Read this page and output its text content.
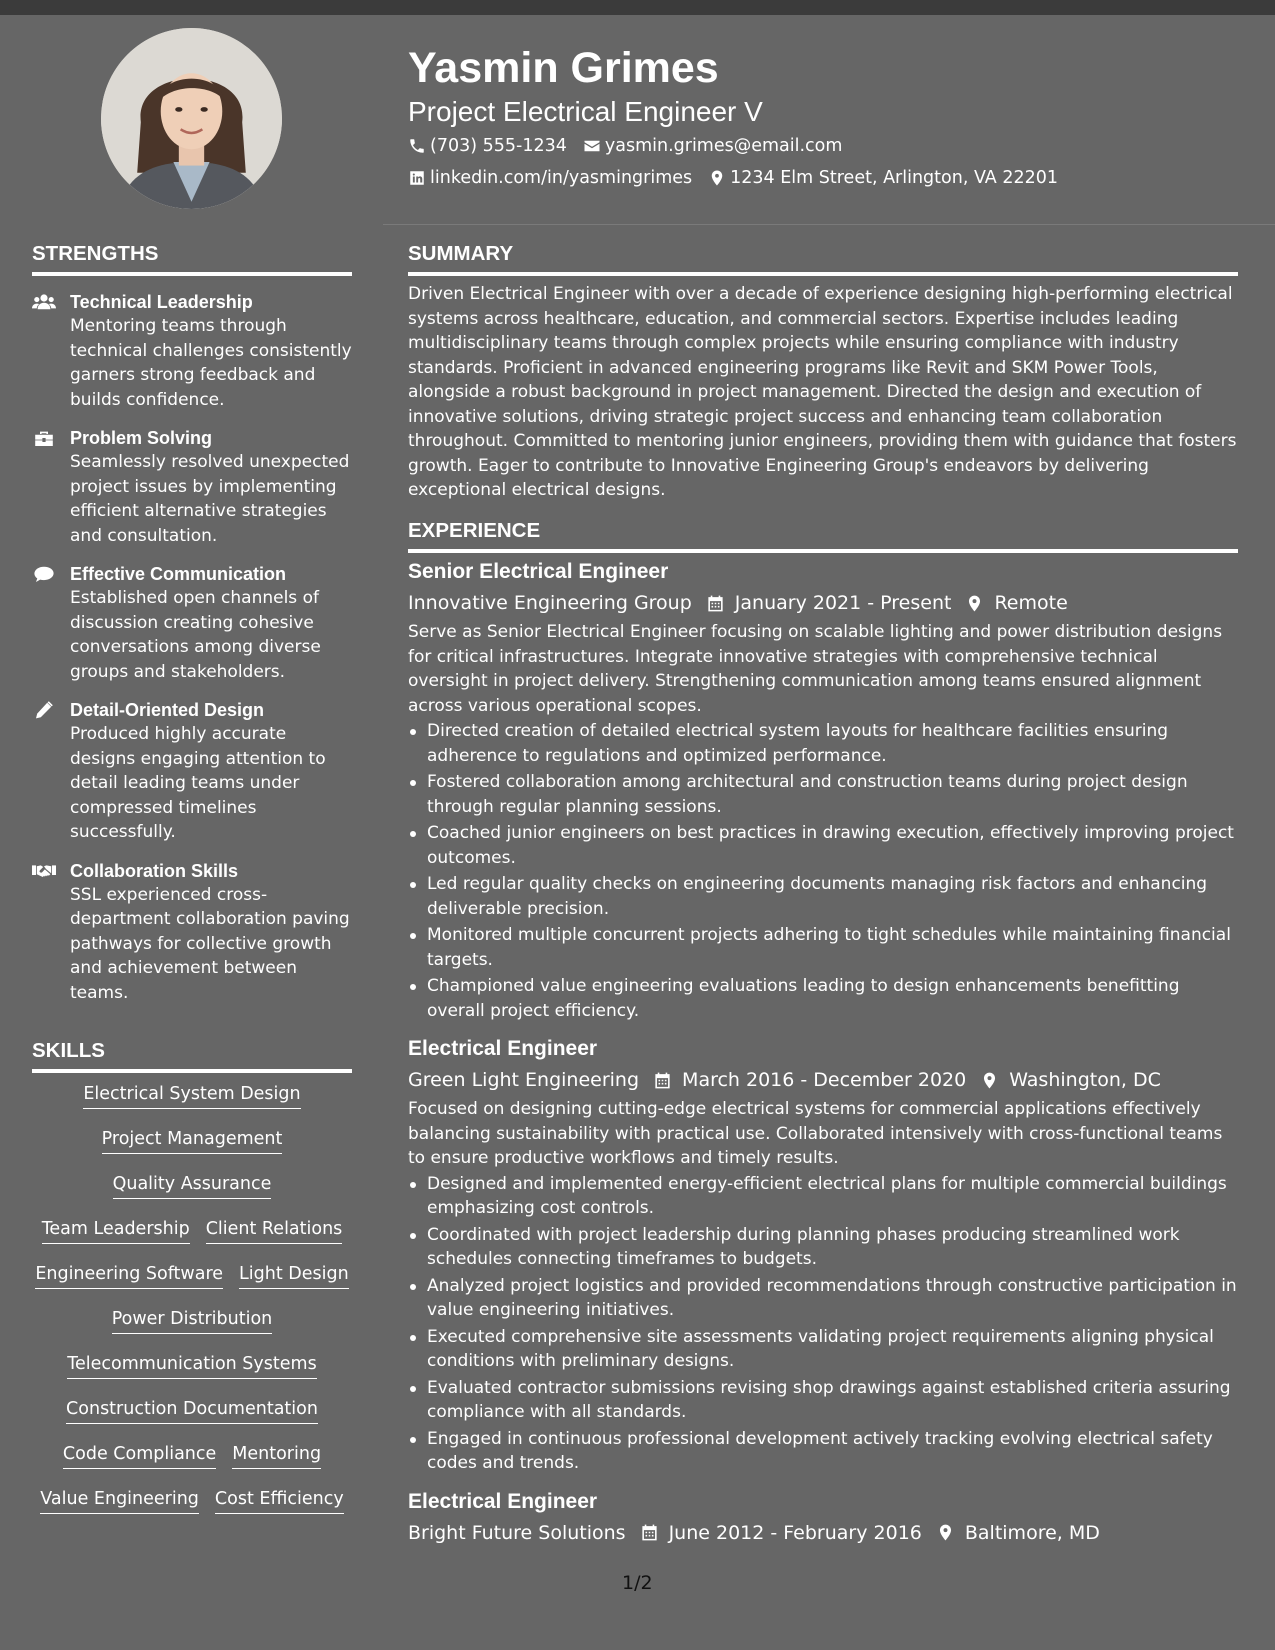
Yasmin Grimes
Project Electrical Engineer V
(703) 555-1234 yasmin.grimes@email.com
linkedin.com/in/yasmingrimes 1234 Elm Street, Arlington, VA 22201
STRENGTHS
Technical Leadership
Mentoring teams through technical challenges consistently garners strong feedback and builds confidence.
Problem Solving
Seamlessly resolved unexpected project issues by implementing efficient alternative strategies and consultation.
Effective Communication
Established open channels of discussion creating cohesive conversations among diverse groups and stakeholders.
Detail-Oriented Design
Produced highly accurate designs engaging attention to detail leading teams under compressed timelines successfully.
Collaboration Skills
SSL experienced cross-department collaboration paving pathways for collective growth and achievement between teams.
SKILLS
Electrical System Design
Project Management
Quality Assurance
Team Leadership Client Relations
Engineering Software Light Design
Power Distribution
Telecommunication Systems
Construction Documentation
Code Compliance Mentoring
Value Engineering Cost Efficiency
SUMMARY
Driven Electrical Engineer with over a decade of experience designing high-performing electrical systems across healthcare, education, and commercial sectors. Expertise includes leading multidisciplinary teams through complex projects while ensuring compliance with industry standards. Proficient in advanced engineering programs like Revit and SKM Power Tools, alongside a robust background in project management. Directed the design and execution of innovative solutions, driving strategic project success and enhancing team collaboration throughout. Committed to mentoring junior engineers, providing them with guidance that fosters growth. Eager to contribute to Innovative Engineering Group's endeavors by delivering exceptional electrical designs.
EXPERIENCE
Senior Electrical Engineer
Innovative Engineering Group January 2021 - Present Remote
Serve as Senior Electrical Engineer focusing on scalable lighting and power distribution designs for critical infrastructures. Integrate innovative strategies with comprehensive technical oversight in project delivery. Strengthening communication among teams ensured alignment across various operational scopes.
Directed creation of detailed electrical system layouts for healthcare facilities ensuring adherence to regulations and optimized performance.
Fostered collaboration among architectural and construction teams during project design through regular planning sessions.
Coached junior engineers on best practices in drawing execution, effectively improving project outcomes.
Led regular quality checks on engineering documents managing risk factors and enhancing deliverable precision.
Monitored multiple concurrent projects adhering to tight schedules while maintaining financial targets.
Championed value engineering evaluations leading to design enhancements benefitting overall project efficiency.
Electrical Engineer
Green Light Engineering March 2016 - December 2020 Washington, DC
Focused on designing cutting-edge electrical systems for commercial applications effectively balancing sustainability with practical use. Collaborated intensively with cross-functional teams to ensure productive workflows and timely results.
Designed and implemented energy-efficient electrical plans for multiple commercial buildings emphasizing cost controls.
Coordinated with project leadership during planning phases producing streamlined work schedules connecting timeframes to budgets.
Analyzed project logistics and provided recommendations through constructive participation in value engineering initiatives.
Executed comprehensive site assessments validating project requirements aligning physical conditions with preliminary designs.
Evaluated contractor submissions revising shop drawings against established criteria assuring compliance with all standards.
Engaged in continuous professional development actively tracking evolving electrical safety codes and trends.
Electrical Engineer
Bright Future Solutions June 2012 - February 2016 Baltimore, MD
1/2
